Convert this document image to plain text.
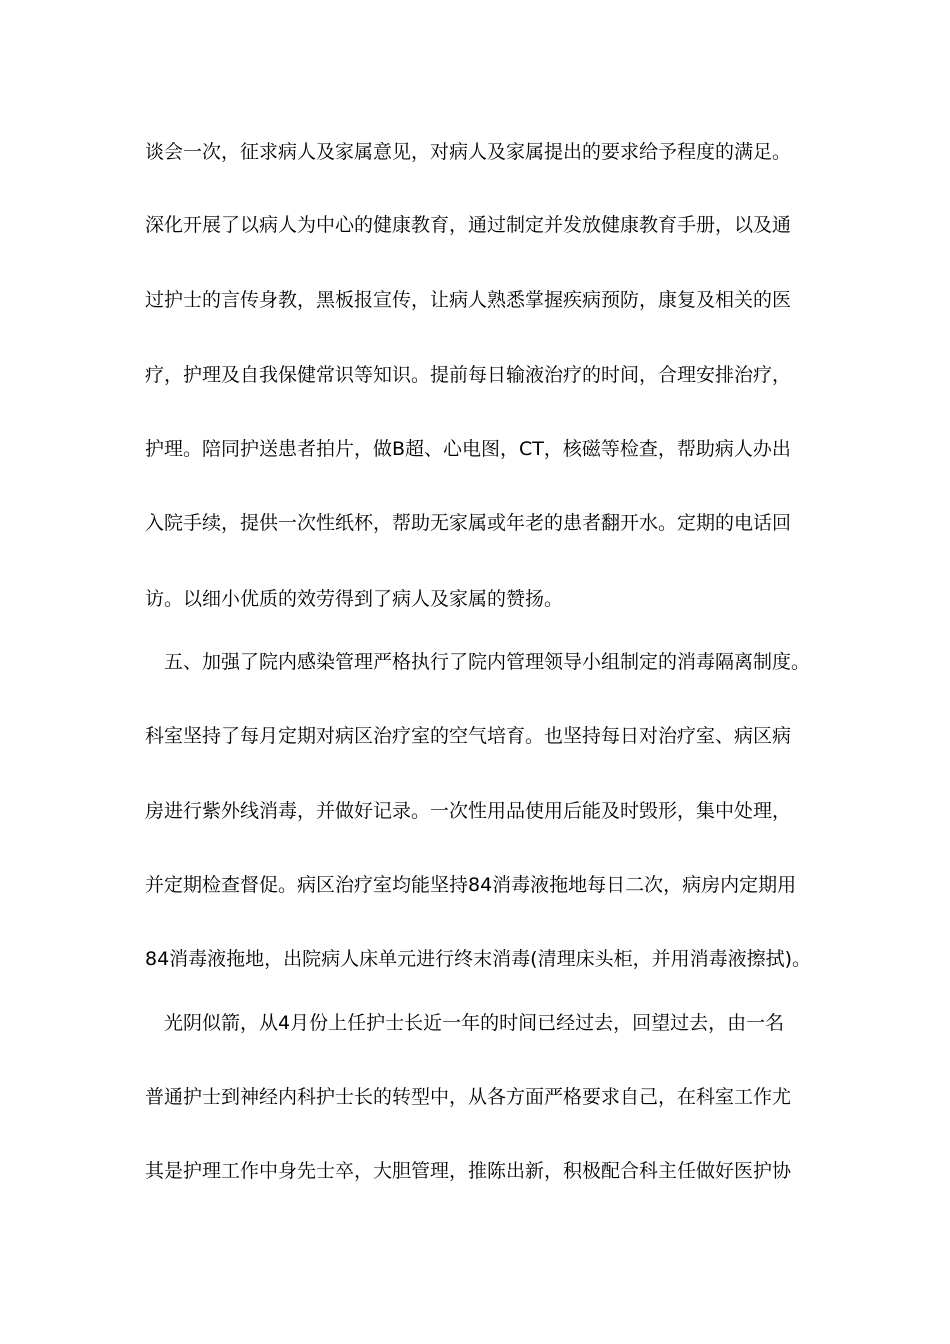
谈会一次，征求病人及家属意见，对病人及家属提出的要求给予程度的满足。
深化开展了以病人为中心的健康教育，通过制定并发放健康教育手册，以及通
过护士的言传身教，黑板报宣传，让病人熟悉掌握疾病预防，康复及相关的医
疗，护理及自我保健常识等知识。提前每日输液治疗的时间，合理安排治疗，
护理。陪同护送患者拍片，做B超、心电图，CT，核磁等检查，帮助病人办出
入院手续，提供一次性纸杯，帮助无家属或年老的患者翻开水。定期的电话回
访。以细小优质的效劳得到了病人及家属的赞扬。
五、加强了院内感染管理严格执行了院内管理领导小组制定的消毒隔离制度。
科室坚持了每月定期对病区治疗室的空气培育。也坚持每日对治疗室、病区病
房进行紫外线消毒，并做好记录。一次性用品使用后能及时毁形，集中处理，
并定期检查督促。病区治疗室均能坚持84消毒液拖地每日二次，病房内定期用
84消毒液拖地，出院病人床单元进行终末消毒(清理床头柜，并用消毒液擦拭)。
光阴似箭，从4月份上任护士长近一年的时间已经过去，回望过去，由一名
普通护士到神经内科护士长的转型中，从各方面严格要求自己，在科室工作尤
其是护理工作中身先士卒，大胆管理，推陈出新，积极配合科主任做好医护协
